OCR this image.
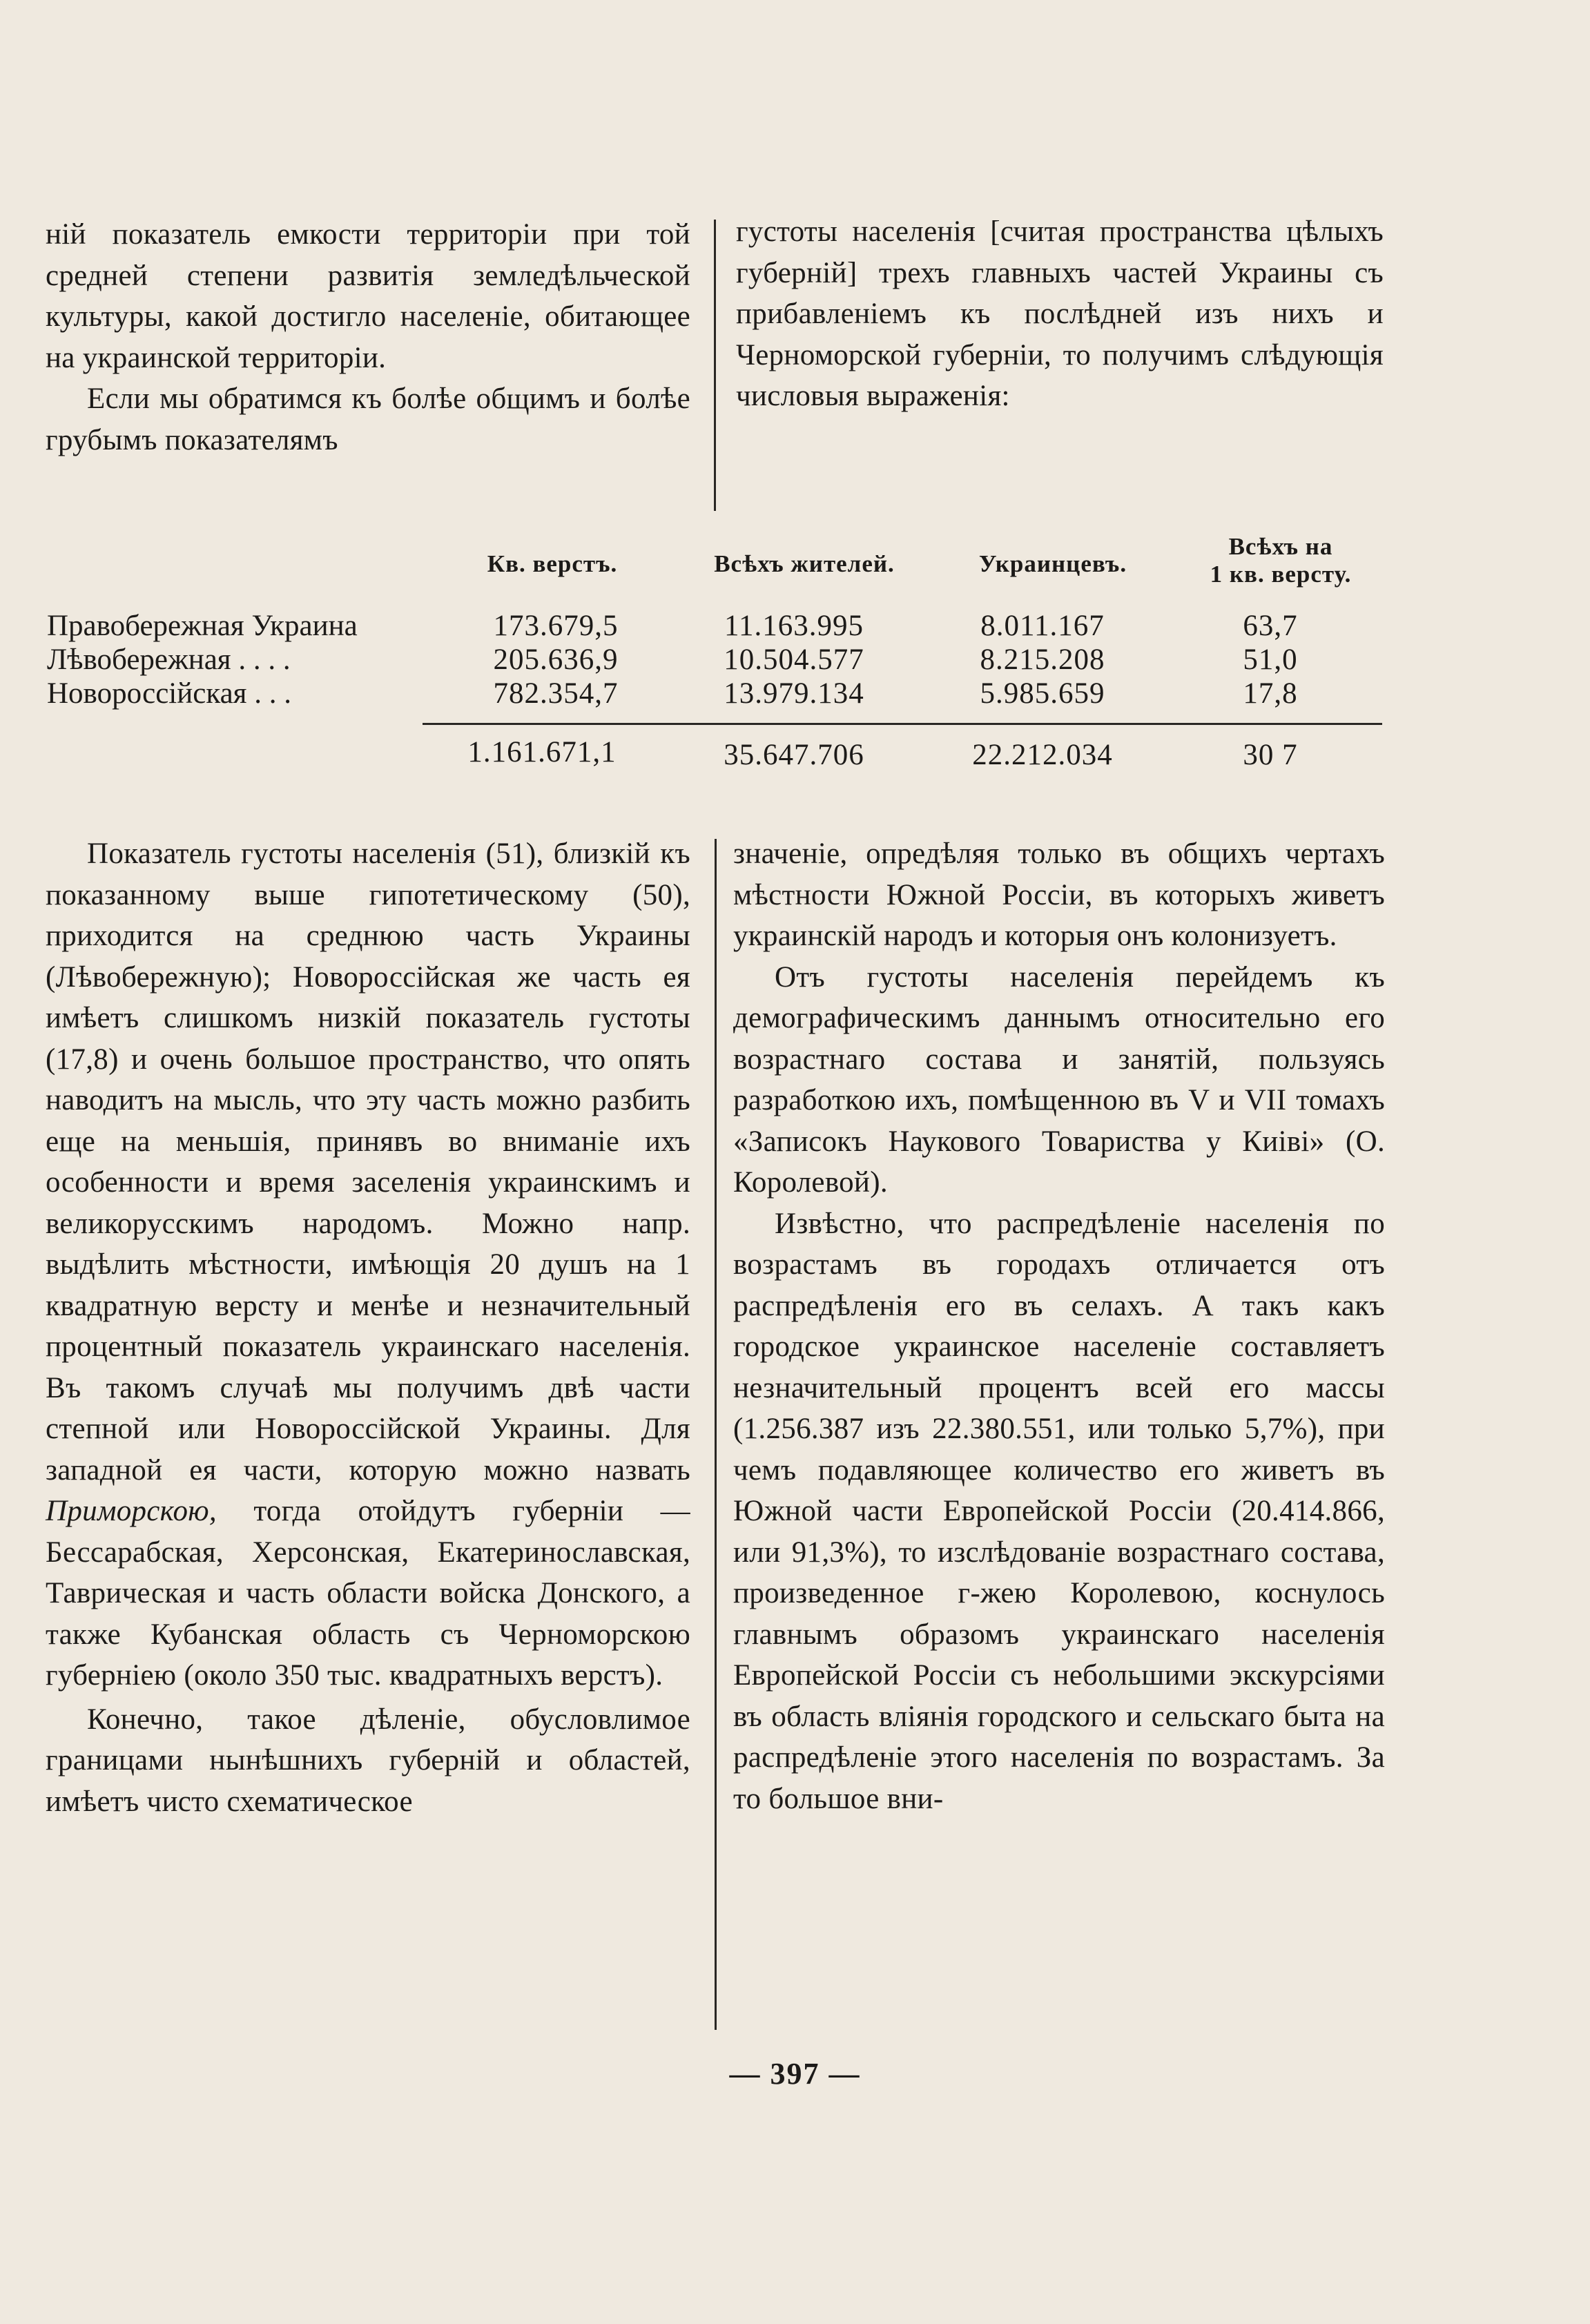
ній показатель емкости территоріи при той средней степени развитія земледѣльческой культуры, какой достигло населеніе, обитающее на украинской территоріи.

Если мы обратимся къ болѣе общимъ и болѣе грубымъ показателямъ

густоты населенія [считая пространства цѣлыхъ губерній] трехъ главныхъ частей Украины съ прибавленіемъ къ послѣдней изъ нихъ и Черноморской губерніи, то получимъ слѣдующія числовыя выраженія:

Кв. верстъ.	Всѣхъ жителей.	Украинцевъ.
Всѣхъ на
1 кв. версту.
Правобережная Украина	173.679,5	11.163.995	8.011.167	63,7
Лѣвобережная . . . .	205.636,9	10.504.577	8.215.208	51,0
Новороссійская . . .	782.354,7	13.979.134	5.985.659	17,8
1.161.671,1	35.647.706	22.212.034	30 7

Показатель густоты населенія (51), близкій къ показанному выше гипотетическому (50), приходится на среднюю часть Украины (Лѣвобережную); Новороссійская же часть ея имѣетъ слишкомъ низкій показатель густоты (17,8) и очень большое пространство, что опять наводитъ на мысль, что эту часть можно разбить еще на меньшія, принявъ во вниманіе ихъ особенности и время заселенія украинскимъ и великорусскимъ народомъ. Можно напр. выдѣлить мѣстности, имѣющія 20 душъ на 1 квадратную версту и менѣе и незначительный процентный показатель украинскаго населенія. Въ такомъ случаѣ мы получимъ двѣ части степной или Новороссійской Украины. Для западной ея части, которую можно назвать Приморскою, тогда отойдутъ губерніи — Бессарабская, Херсонская, Екатеринославская, Таврическая и часть области войска Донского, а также Кубанская область съ Черноморскою губерніею (около 350 тыс. квадратныхъ верстъ).

Конечно, такое дѣленіе, обусловлимое границами нынѣшнихъ губерній и областей, имѣетъ чисто схематическое

значеніе, опредѣляя только въ общихъ чертахъ мѣстности Южной Россіи, въ которыхъ живетъ украинскій народъ и которыя онъ колонизуетъ.

Отъ густоты населенія перейдемъ къ демографическимъ даннымъ относительно его возрастнаго состава и занятій, пользуясь разработкою ихъ, помѣщенною въ V и VII томахъ «Записокъ Наукового Товариства у Киiвi» (О. Королевой).

Извѣстно, что распредѣленіе населенія по возрастамъ въ городахъ отличается отъ распредѣленія его въ селахъ. А такъ какъ городское украинское населеніе составляетъ незначительный процентъ всей его массы (1.256.387 изъ 22.380.551, или только 5,7%), при чемъ подавляющее количество его живетъ въ Южной части Европейской Россіи (20.414.866, или 91,3%), то изслѣдованіе возрастнаго состава, произведенное г-жею Королевою, коснулось главнымъ образомъ украинскаго населенія Европейской Россіи съ небольшими экскурсіями въ область вліянія городского и сельскаго быта на распредѣленіе этого населенія по возрастамъ. За то большое вни-

— 397 —
